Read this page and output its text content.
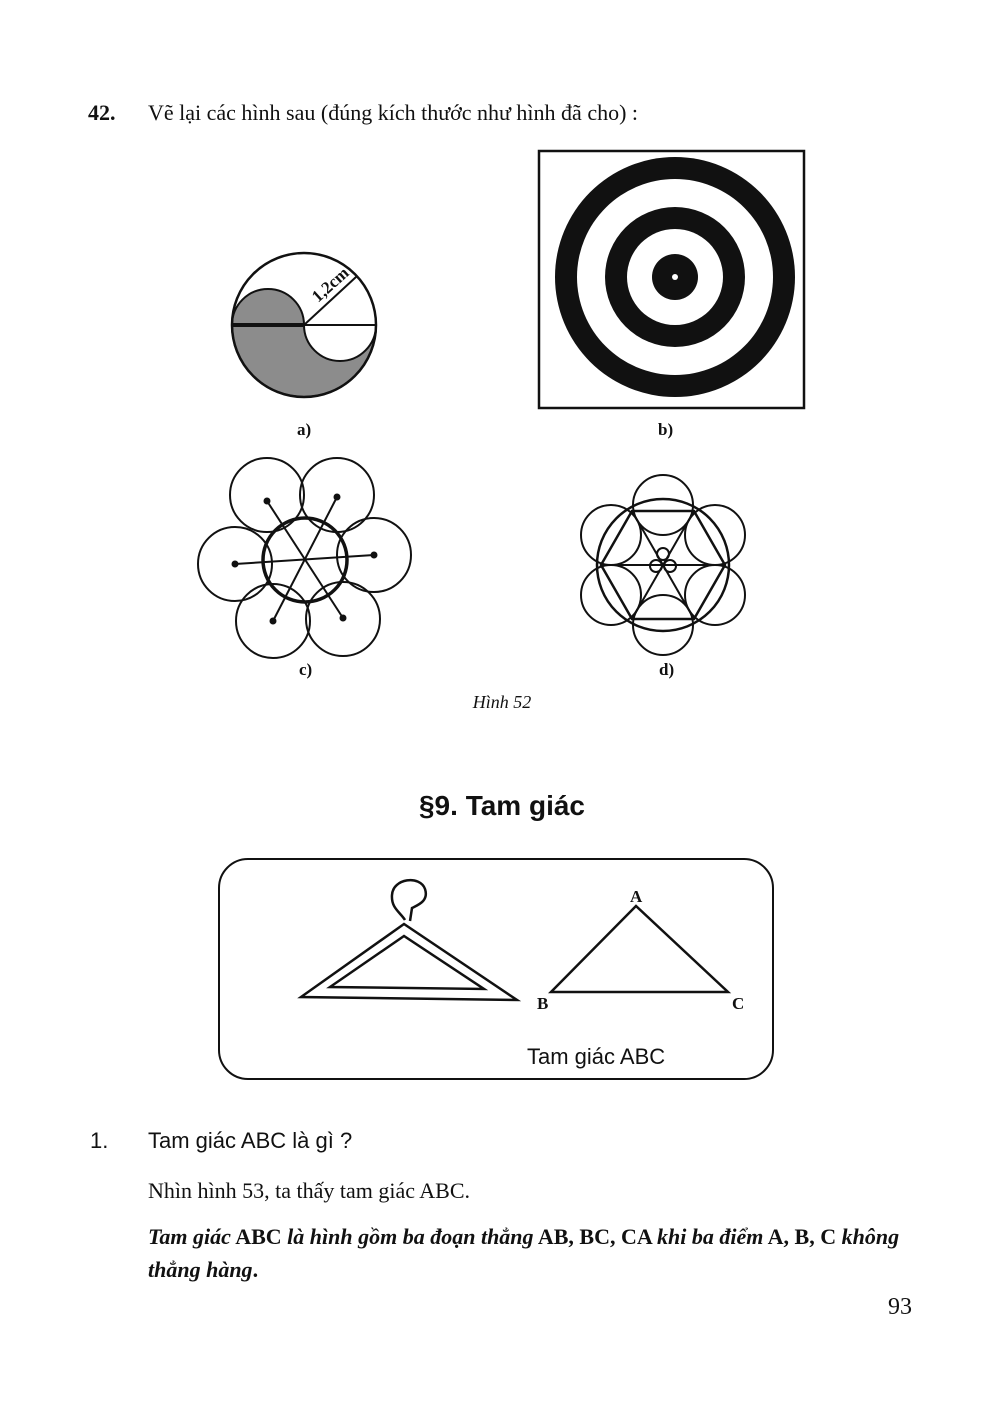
42. Vẽ lại các hình sau (đúng kích thước như hình đã cho) :
1,2cm
a)	b)
c)	d)
Hình 52
§9. Tam giác
A
B	C
Tam giác ABC
1. Tam giác ABC là gì ?
Nhìn hình 53, ta thấy tam giác ABC.
Tam giác ABC là hình gồm ba đoạn thẳng AB, BC, CA khi ba điểm A, B, C không thẳng hàng.
93
